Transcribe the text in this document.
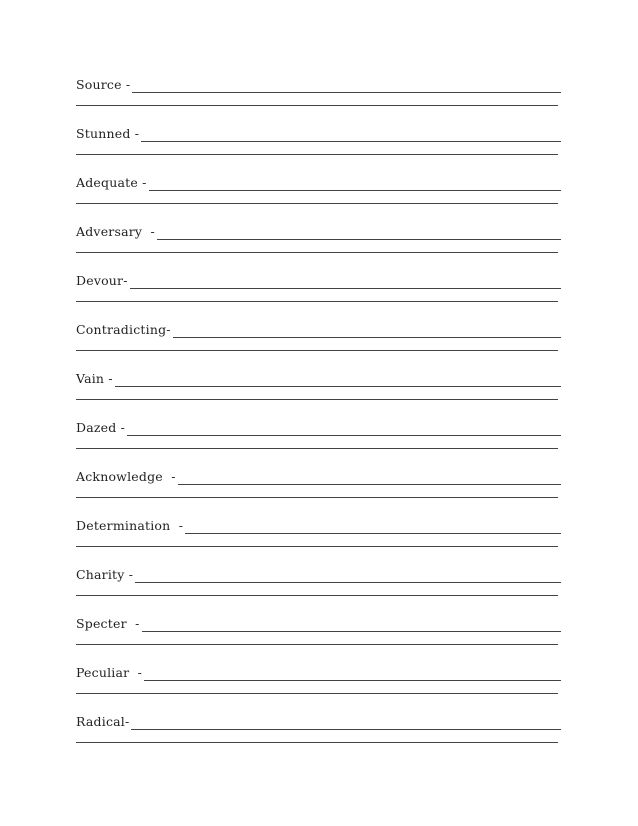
Source -
Stunned -
Adequate -
Adversary  -
Devour-
Contradicting-
Vain -
Dazed -
Acknowledge  -
Determination  -
Charity -
Specter  -
Peculiar  -
Radical-
